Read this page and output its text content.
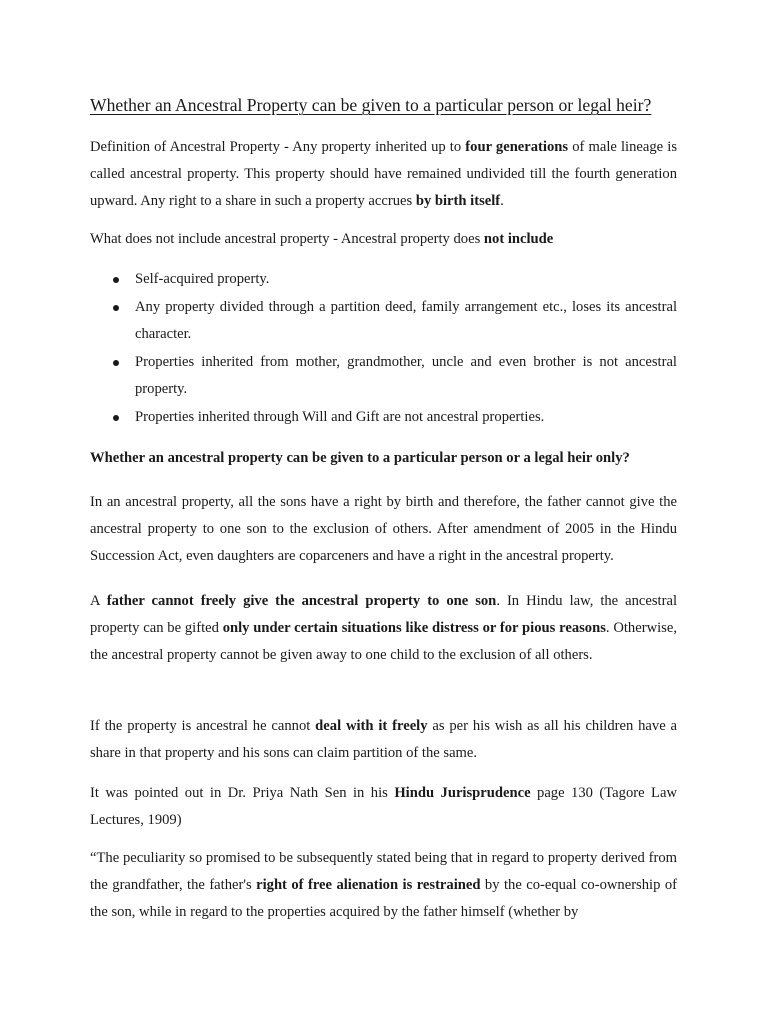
Whether an Ancestral Property can be given to a particular person or legal heir?

Definition of Ancestral Property - Any property inherited up to four generations of male lineage is called ancestral property. This property should have remained undivided till the fourth generation upward. Any right to a share in such a property accrues by birth itself.

What does not include ancestral property - Ancestral property does not include

Self-acquired property.
Any property divided through a partition deed, family arrangement etc., loses its ancestral character.
Properties inherited from mother, grandmother, uncle and even brother is not ancestral property.
Properties inherited through Will and Gift are not ancestral properties.

Whether an ancestral property can be given to a particular person or a legal heir only?

In an ancestral property, all the sons have a right by birth and therefore, the father cannot give the ancestral property to one son to the exclusion of others. After amendment of 2005 in the Hindu Succession Act, even daughters are coparceners and have a right in the ancestral property.

A father cannot freely give the ancestral property to one son. In Hindu law, the ancestral property can be gifted only under certain situations like distress or for pious reasons. Otherwise, the ancestral property cannot be given away to one child to the exclusion of all others.

If the property is ancestral he cannot deal with it freely as per his wish as all his children have a share in that property and his sons can claim partition of the same.

It was pointed out in Dr. Priya Nath Sen in his Hindu Jurisprudence page 130 (Tagore Law Lectures, 1909)

“The peculiarity so promised to be subsequently stated being that in regard to property derived from the grandfather, the father's right of free alienation is restrained by the co-equal co-ownership of the son, while in regard to the properties acquired by the father himself (whether by
